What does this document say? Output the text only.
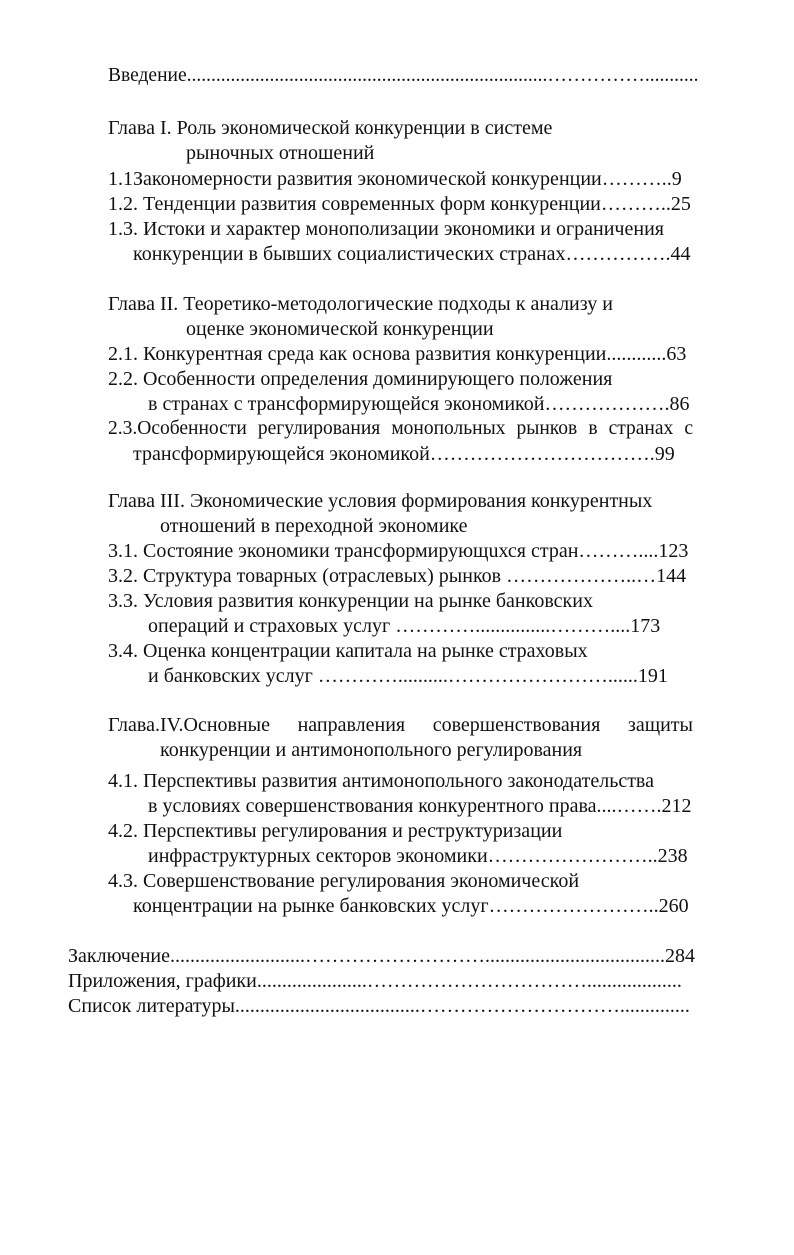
Введение..........................................................................……………...........
Глава I. Роль экономической конкуренции в системе
рыночных отношений
1.1Закономерности развития экономической конкуренции………..9
1.2. Тенденции развития современных форм конкуренции………..25
1.3. Истоки и характер монополизации экономики и ограничения
конкуренции в бывших социалистических странах…………….44
Глава II. Теоретико-методологические подходы к анализу и
оценке экономической конкуренции
2.1. Конкурентная среда как основа развития конкуренции............63
2.2. Особенности определения доминирующего положения
в странах с трансформирующейся экономикой……………….86
2.3.Особенности регулирования монопольных рынков в странах с
трансформирующейся экономикой…………………………….99
Глава III. Экономические условия формирования конкурентных
отношений в переходной экономике
3.1. Состояние экономики трансформирующuхся стран………....123
3.2. Структура товарных (отраслевых) рынков ………………..…144
3.3. Условия развития конкуренции на рынке банковских
операций и страховых услуг …………...............………....173
3.4. Оценка концентрации капитала на рынке страховых
и банковских услуг …………..........……………………......191
Глава.IV.Основные направления совершенствования защиты
конкуренции и антимонопольного регулирования
4.1. Перспективы развития антимонопольного законодательства
в условиях совершенствования конкурентного права....…….212
4.2. Перспективы регулирования и реструктуризации
инфраструктурных секторов экономики……………………..238
4.3. Совершенствование регулирования экономической
концентрации на рынке банковских услуг……………………..260
Заключение...........................………………………....................................284
Приложения, графики......................……………………………...................
Список литературы.....................................…………………………..............
